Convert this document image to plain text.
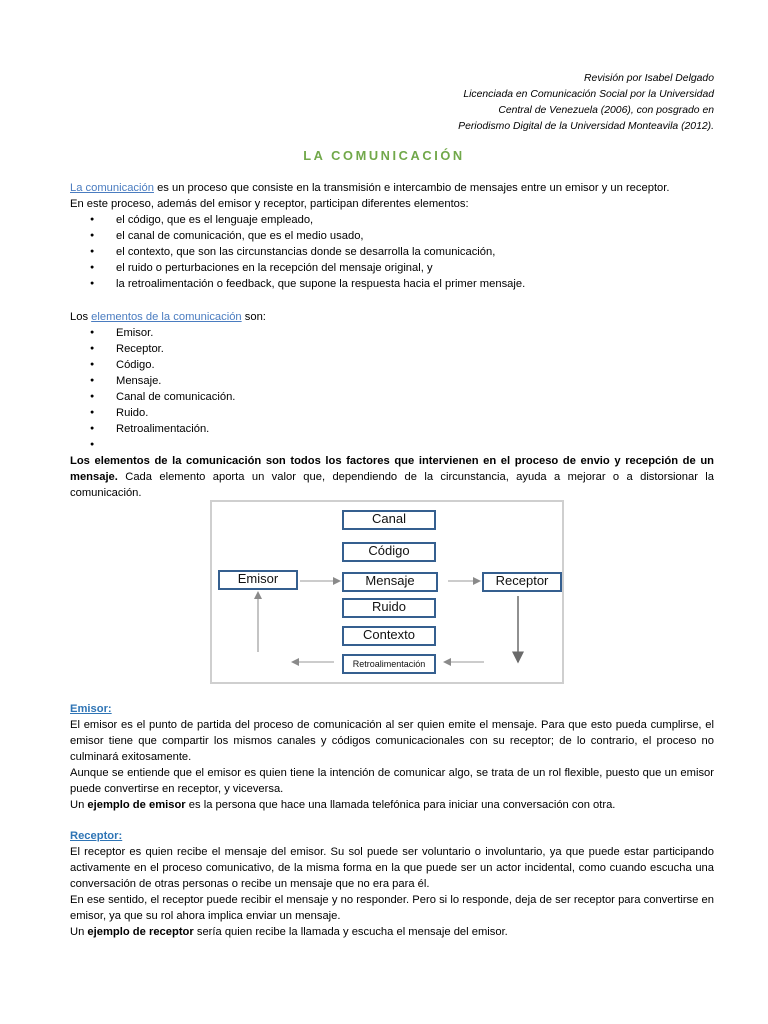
Revisión por Isabel Delgado
Licenciada en Comunicación Social por la Universidad
Central de Venezuela (2006), con posgrado en
Periodismo Digital de la Universidad Monteavila (2012).
LA COMUNICACIÓN

La comunicación es un proceso que consiste en la transmisión e intercambio de mensajes entre un emisor y un receptor.

En este proceso, además del emisor y receptor, participan diferentes elementos:

● el código, que es el lenguaje empleado,
● el canal de comunicación, que es el medio usado,
● el contexto, que son las circunstancias donde se desarrolla la comunicación,
● el ruido o perturbaciones en la recepción del mensaje original, y
● la retroalimentación o feedback, que supone la respuesta hacia el primer mensaje.

Los elementos de la comunicación son:

● Emisor.
● Receptor.
● Código.
● Mensaje.
● Canal de comunicación.
● Ruido.
● Retroalimentación.
●

Los elementos de la comunicación son todos los factores que intervienen en el proceso de envio y recepción de un mensaje. Cada elemento aporta un valor que, dependiendo de la circunstancia, ayuda a mejorar o a distorsionar la comunicación.

Canal
Código
Emisor	Mensaje	Receptor
Ruido
Contexto
Retroalimentación

Emisor:

El emisor es el punto de partida del proceso de comunicación al ser quien emite el mensaje. Para que esto pueda cumplirse, el emisor tiene que compartir los mismos canales y códigos comunicacionales con su receptor; de lo contrario, el proceso no culminará exitosamente.

Aunque se entiende que el emisor es quien tiene la intención de comunicar algo, se trata de un rol flexible, puesto que un emisor puede convertirse en receptor, y viceversa.

Un ejemplo de emisor es la persona que hace una llamada telefónica para iniciar una conversación con otra.

Receptor:

El receptor es quien recibe el mensaje del emisor. Su sol puede ser voluntario o involuntario, ya que puede estar participando activamente en el proceso comunicativo, de la misma forma en la que puede ser un actor incidental, como cuando escucha una conversación de otras personas o recibe un mensaje que no era para él.

En ese sentido, el receptor puede recibir el mensaje y no responder. Pero si lo responde, deja de ser receptor para convertirse en emisor, ya que su rol ahora implica enviar un mensaje.

Un ejemplo de receptor sería quien recibe la llamada y escucha el mensaje del emisor.
